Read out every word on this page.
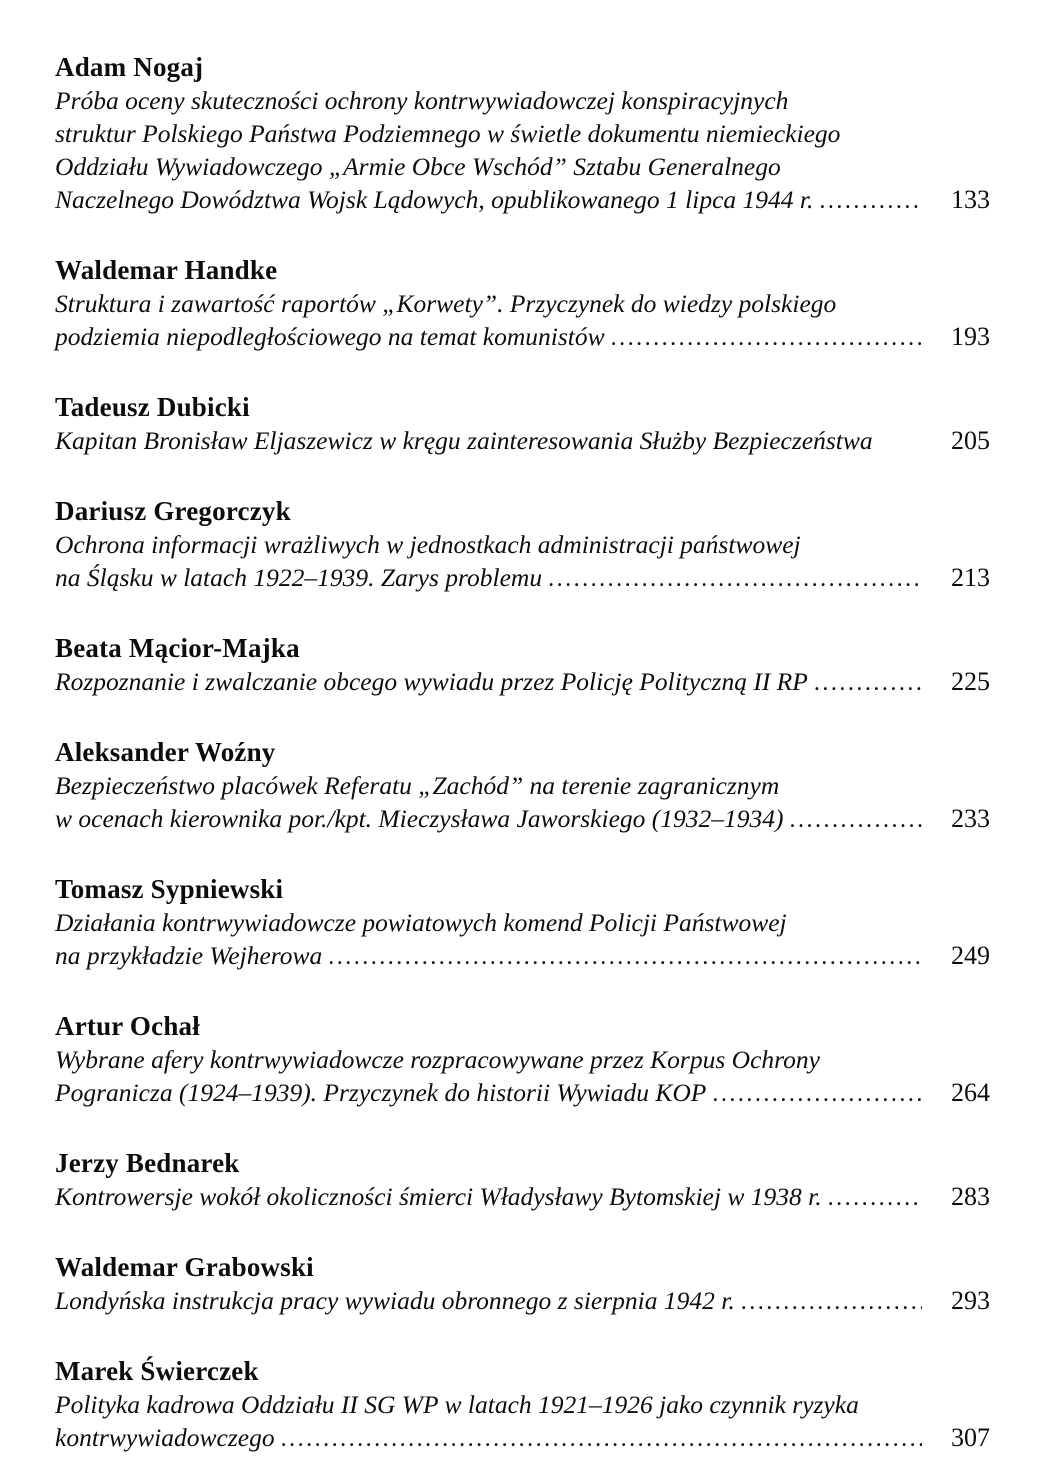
Adam Nogaj
Próba oceny skuteczności ochrony kontrwywiadowczej konspiracyjnych
struktur Polskiego Państwa Podziemnego w świetle dokumentu niemieckiego
Oddziału Wywiadowczego „Armie Obce Wschód” Sztabu Generalnego
Naczelnego Dowództwa Wojsk Lądowych, opublikowanego 1 lipca 1944 r. .....	133
Waldemar Handke
Struktura i zawartość raportów „Korwety”. Przyczynek do wiedzy polskiego
podziemia niepodległościowego na temat komunistów .....	193
Tadeusz Dubicki
Kapitan Bronisław Eljaszewicz w kręgu zainteresowania Służby Bezpieczeństwa	205
Dariusz Gregorczyk
Ochrona informacji wrażliwych w jednostkach administracji państwowej
na Śląsku w latach 1922–1939. Zarys problemu .....	213
Beata Mącior-Majka
Rozpoznanie i zwalczanie obcego wywiadu przez Policję Polityczną II RP .....	225
Aleksander Woźny
Bezpieczeństwo placówek Referatu „Zachód” na terenie zagranicznym
w ocenach kierownika por./kpt. Mieczysława Jaworskiego (1932–1934) .....	233
Tomasz Sypniewski
Działania kontrwywiadowcze powiatowych komend Policji Państwowej
na przykładzie Wejherowa .....	249
Artur Ochał
Wybrane afery kontrwywiadowcze rozpracowywane przez Korpus Ochrony
Pogranicza (1924–1939). Przyczynek do historii Wywiadu KOP .....	264
Jerzy Bednarek
Kontrowersje wokół okoliczności śmierci Władysławy Bytomskiej w 1938 r. .....	283
Waldemar Grabowski
Londyńska instrukcja pracy wywiadu obronnego z sierpnia 1942 r. .....	293
Marek Świerczek
Polityka kadrowa Oddziału II SG WP w latach 1921–1926 jako czynnik ryzyka
kontrwywiadowczego .....	307
